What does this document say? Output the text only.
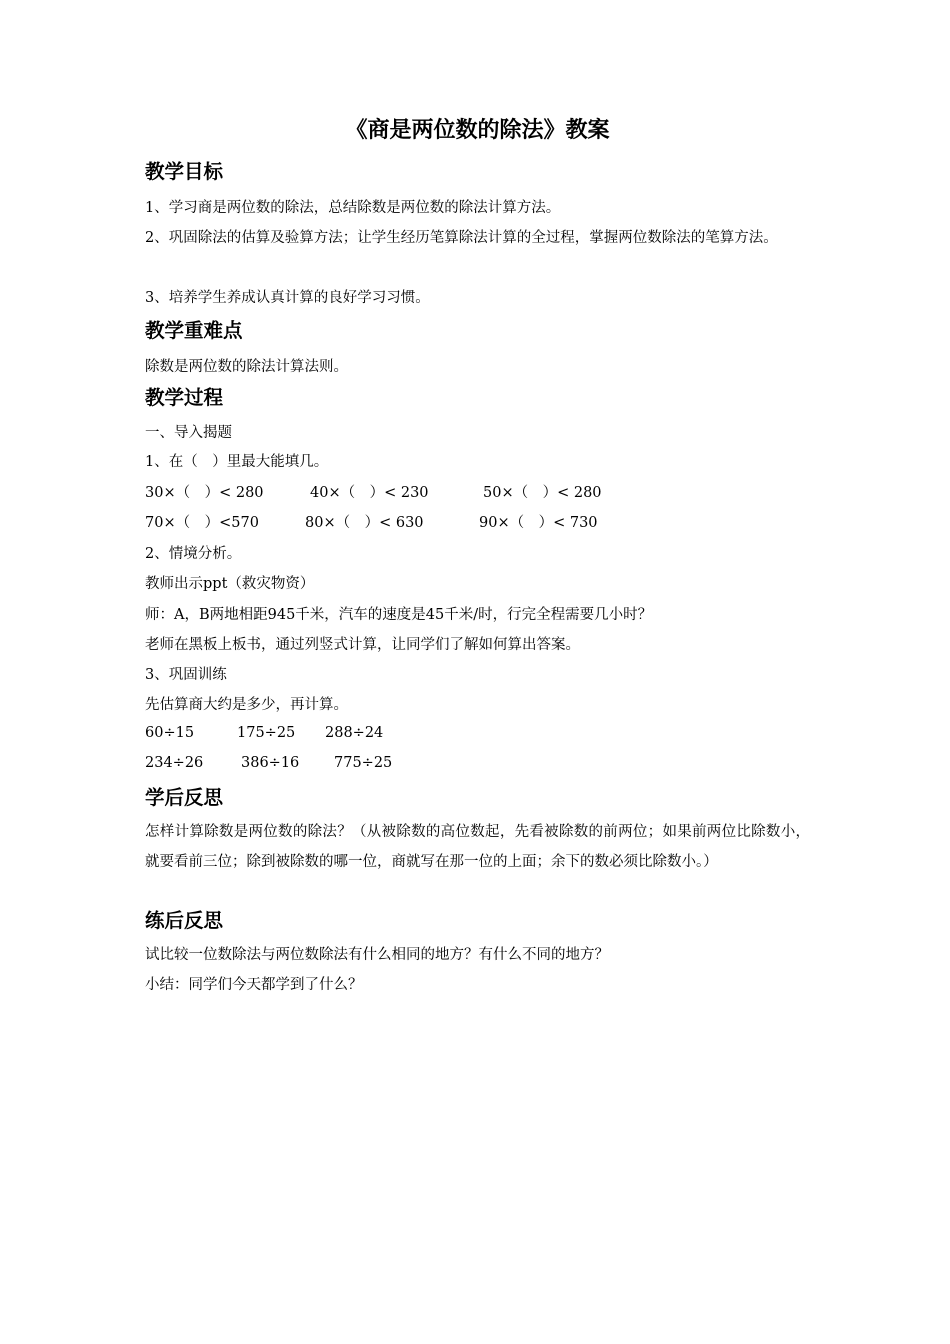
《商是两位数的除法》教案
教学目标
1、学习商是两位数的除法，总结除数是两位数的除法计算方法。
2、巩固除法的估算及验算方法；让学生经历笔算除法计算的全过程，掌握两位数除法的笔算方法。
3、培养学生养成认真计算的良好学习习惯。
教学重难点
除数是两位数的除法计算法则。
教学过程
一、导入揭题
1、在（　）里最大能填几。
30×（　）< 280	40×（　）< 230	50×（　）< 280
70×（　）<570	80×（　）< 630	90×（　）< 730
2、情境分析。
教师出示ppt（救灾物资）
师：A，B两地相距945千米，汽车的速度是45千米/时，行完全程需要几小时？
老师在黑板上板书，通过列竖式计算，让同学们了解如何算出答案。
3、巩固训练
先估算商大约是多少，再计算。
60÷15	175÷25 288÷24
234÷26	386÷16 775÷25
学后反思
怎样计算除数是两位数的除法？（从被除数的高位数起，先看被除数的前两位；如果前两位比除数小，就要看前三位；除到被除数的哪一位，商就写在那一位的上面；余下的数必须比除数小。）
练后反思
试比较一位数除法与两位数除法有什么相同的地方？有什么不同的地方？
小结：同学们今天都学到了什么？
